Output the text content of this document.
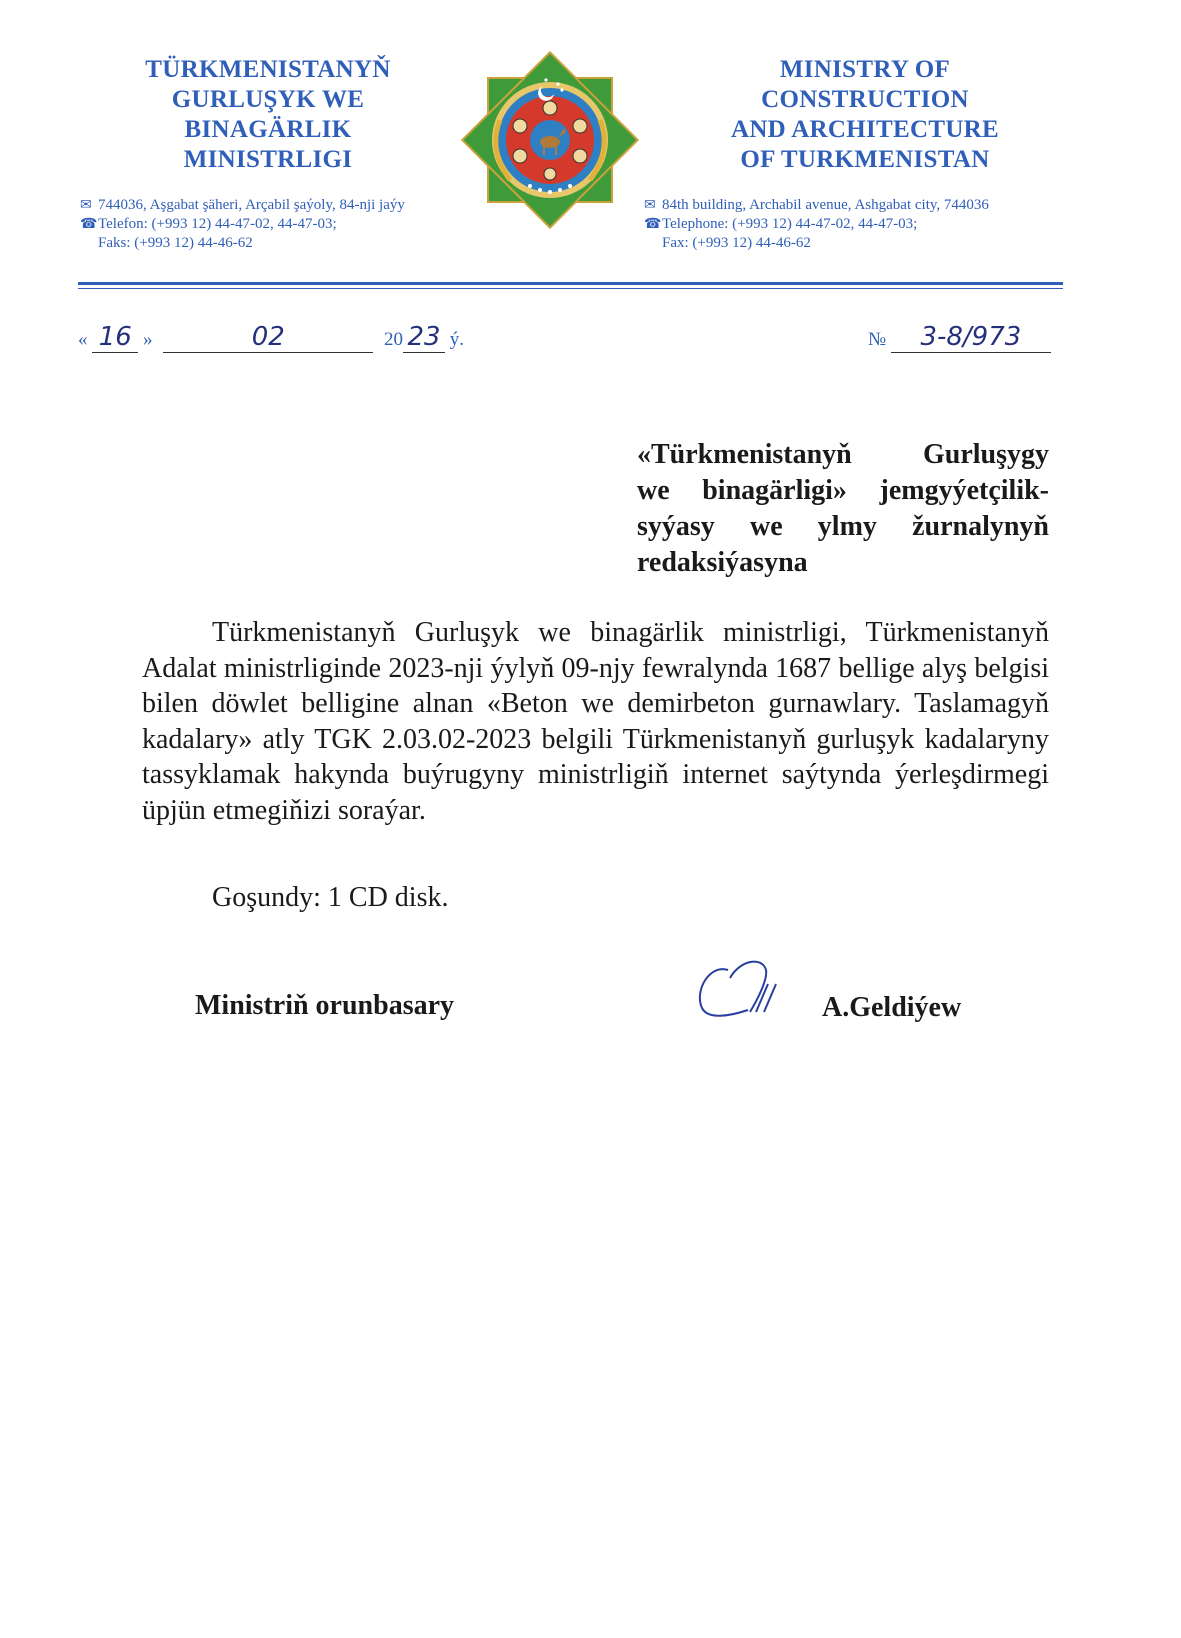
TÜRKMENISTANYŇ
GURLUŞYK WE
BINAGÄRLIK
MINISTRLIGI
MINISTRY OF
CONSTRUCTION
AND ARCHITECTURE
OF TURKMENISTAN
✉ 744036, Aşgabat şäheri, Arçabil şaýoly, 84-nji jaýy
☎Telefon: (+993 12) 44-47-02, 44-47-03;
Faks: (+993 12) 44-46-62
✉ 84th building, Archabil avenue, Ashgabat city, 744036
☎Telephone: (+993 12) 44-47-02, 44-47-03;
Fax: (+993 12) 44-46-62
« 16 »	02	20 23 ý.	№ 3-8/973
«Türkmenistanyň Gurluşygy
we binagärligi» jemgyýetçilik-
syýasy we ylmy žurnalynyň
redaksiýasyna

Türkmenistanyň Gurluşyk we binagärlik ministrligi, Türkmenistanyň Adalat ministrliginde 2023-nji ýylyň 09-njy fewralynda 1687 bellige alyş belgisi bilen döwlet belligine alnan «Beton we demirbeton gurnawlary. Taslamagyň kadalary» atly TGK 2.03.02-2023 belgili Türkmenistanyň gurluşyk kadalaryny tassyklamak hakynda buýrugyny ministrligiň internet saýtynda ýerleşdirmegi üpjün etmegiňizi soraýar.

Goşundy: 1 CD disk.
Ministriň orunbasary	A.Geldiýew
